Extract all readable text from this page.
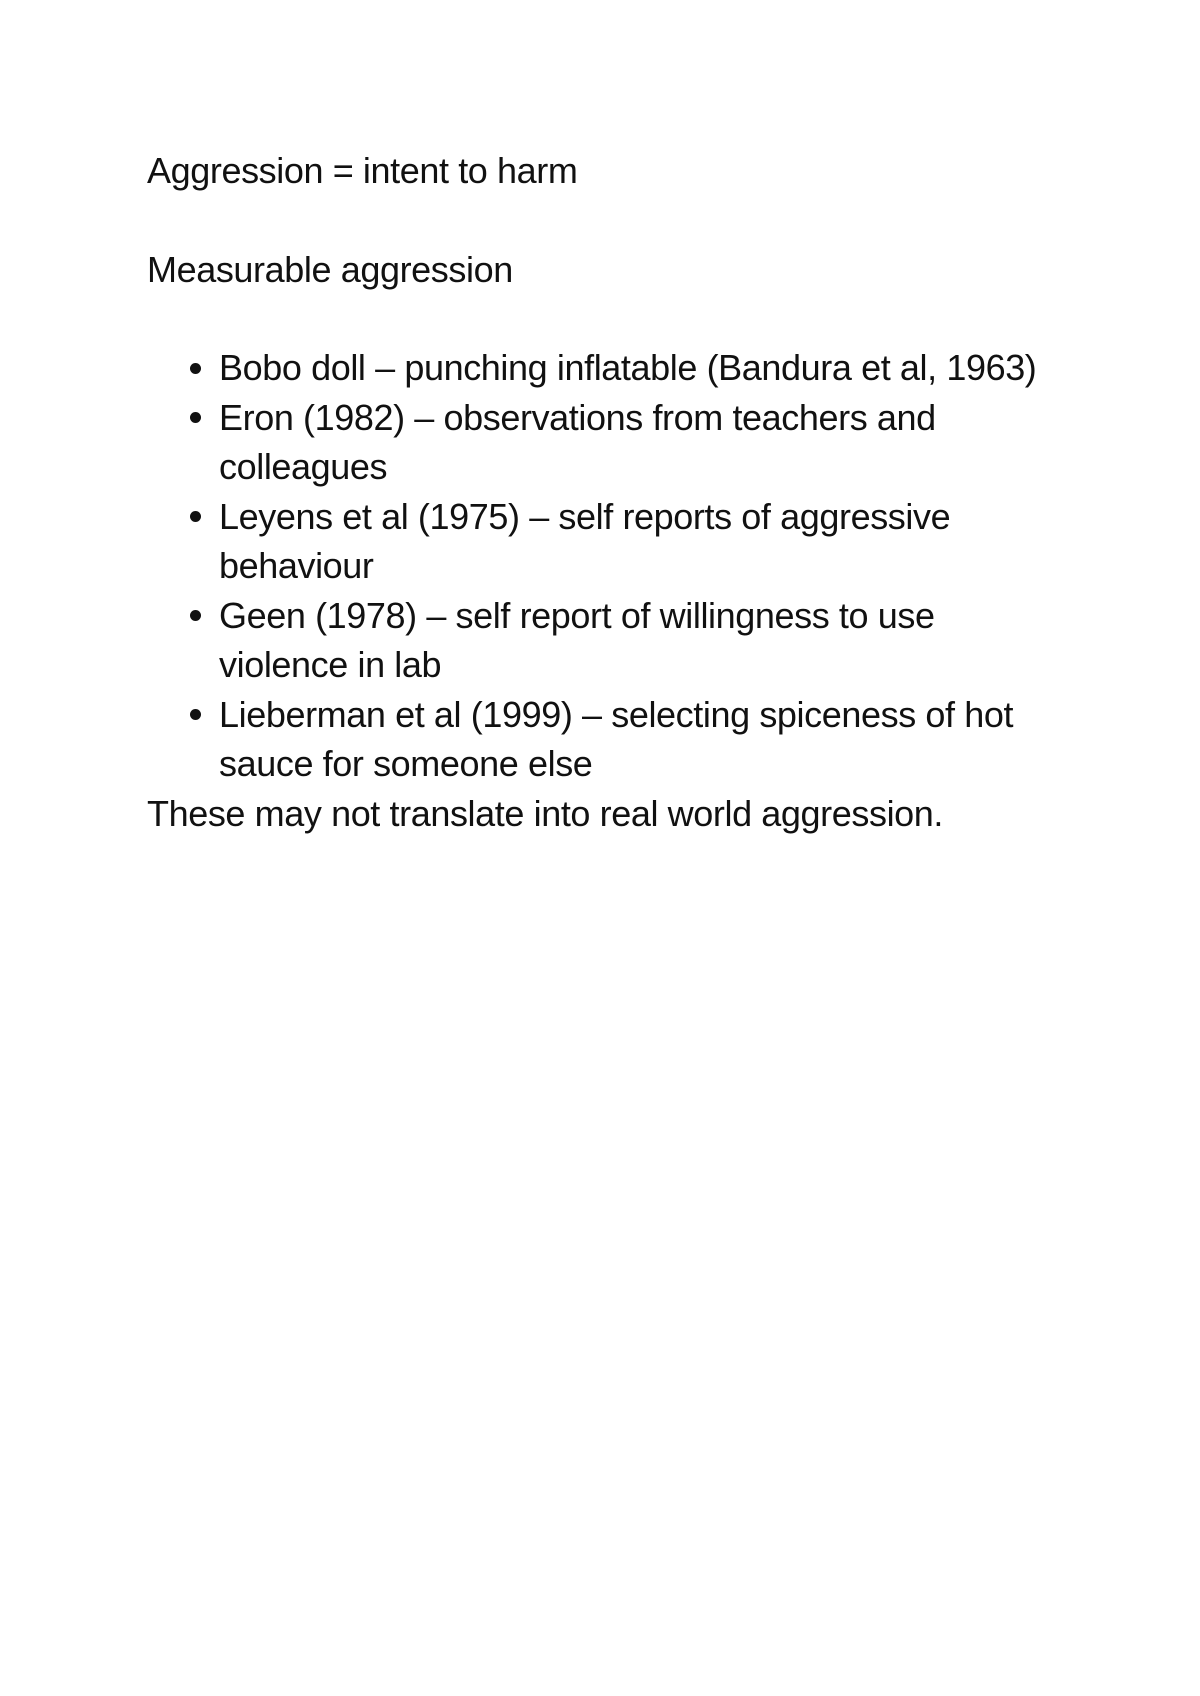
Aggression = intent to harm

Measurable aggression

Bobo doll – punching inflatable (Bandura et al, 1963)
Eron (1982) – observations from teachers and colleagues
Leyens et al (1975) – self reports of aggressive behaviour
Geen (1978) – self report of willingness to use violence in lab
Lieberman et al (1999) – selecting spiceness of hot sauce for someone else

These may not translate into real world aggression.
